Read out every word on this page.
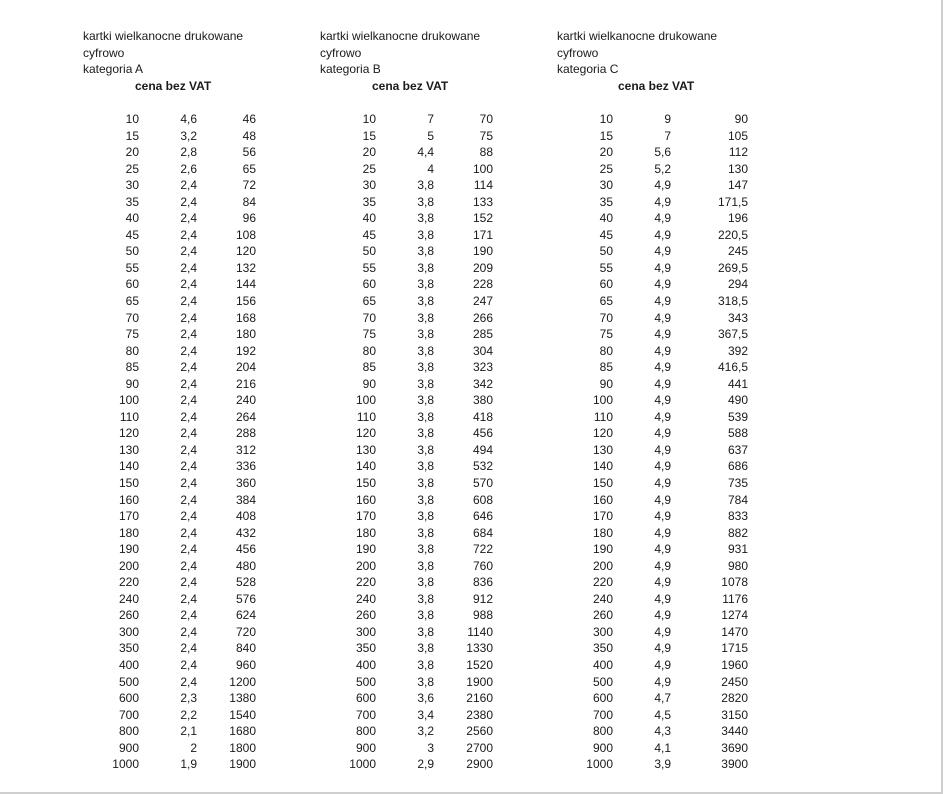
kartki wielkanocne drukowane
cyfrowo
kategoria A
cena bez VAT
10	4,6	46
15	3,2	48
20	2,8	56
25	2,6	65
30	2,4	72
35	2,4	84
40	2,4	96
45	2,4	108
50	2,4	120
55	2,4	132
60	2,4	144
65	2,4	156
70	2,4	168
75	2,4	180
80	2,4	192
85	2,4	204
90	2,4	216
100	2,4	240
110	2,4	264
120	2,4	288
130	2,4	312
140	2,4	336
150	2,4	360
160	2,4	384
170	2,4	408
180	2,4	432
190	2,4	456
200	2,4	480
220	2,4	528
240	2,4	576
260	2,4	624
300	2,4	720
350	2,4	840
400	2,4	960
500	2,4	1200
600	2,3	1380
700	2,2	1540
800	2,1	1680
900	2	1800
1000	1,9	1900
kartki wielkanocne drukowane
cyfrowo
kategoria B
cena bez VAT
10	7	70
15	5	75
20	4,4	88
25	4	100
30	3,8	114
35	3,8	133
40	3,8	152
45	3,8	171
50	3,8	190
55	3,8	209
60	3,8	228
65	3,8	247
70	3,8	266
75	3,8	285
80	3,8	304
85	3,8	323
90	3,8	342
100	3,8	380
110	3,8	418
120	3,8	456
130	3,8	494
140	3,8	532
150	3,8	570
160	3,8	608
170	3,8	646
180	3,8	684
190	3,8	722
200	3,8	760
220	3,8	836
240	3,8	912
260	3,8	988
300	3,8	1140
350	3,8	1330
400	3,8	1520
500	3,8	1900
600	3,6	2160
700	3,4	2380
800	3,2	2560
900	3	2700
1000	2,9	2900
kartki wielkanocne drukowane
cyfrowo
kategoria C
cena bez VAT
10	9	90
15	7	105
20	5,6	112
25	5,2	130
30	4,9	147
35	4,9	171,5
40	4,9	196
45	4,9	220,5
50	4,9	245
55	4,9	269,5
60	4,9	294
65	4,9	318,5
70	4,9	343
75	4,9	367,5
80	4,9	392
85	4,9	416,5
90	4,9	441
100	4,9	490
110	4,9	539
120	4,9	588
130	4,9	637
140	4,9	686
150	4,9	735
160	4,9	784
170	4,9	833
180	4,9	882
190	4,9	931
200	4,9	980
220	4,9	1078
240	4,9	1176
260	4,9	1274
300	4,9	1470
350	4,9	1715
400	4,9	1960
500	4,9	2450
600	4,7	2820
700	4,5	3150
800	4,3	3440
900	4,1	3690
1000	3,9	3900
